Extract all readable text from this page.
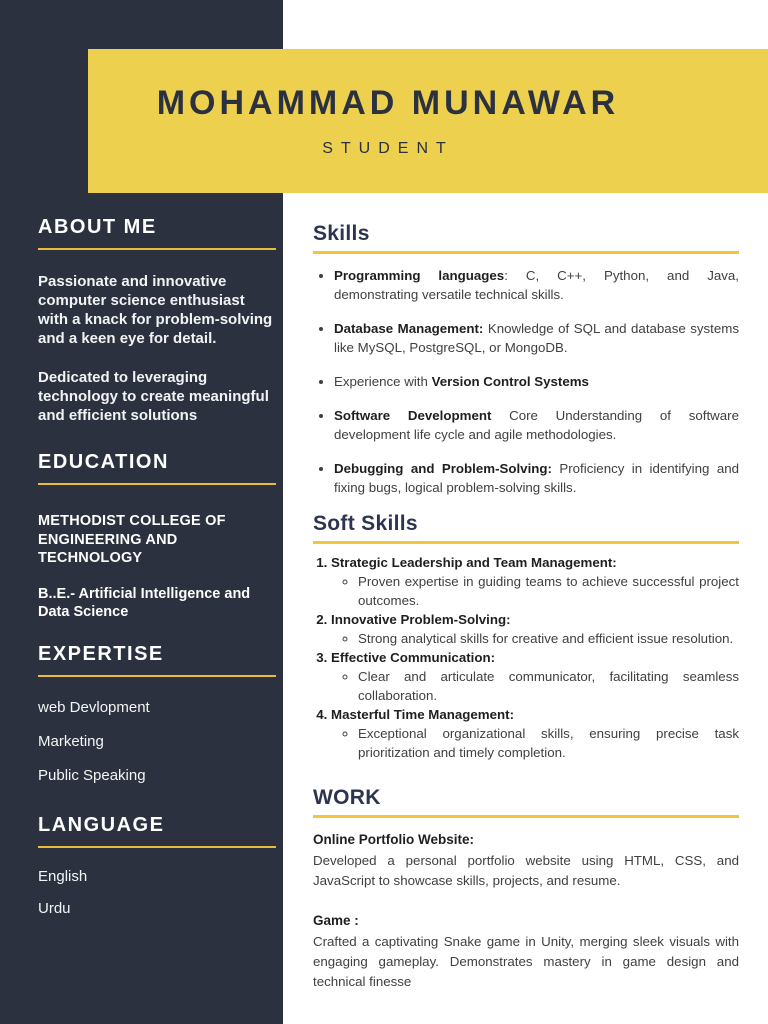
ABOUT ME

Passionate and innovative computer science enthusiast with a knack for problem-solving and a keen eye for detail.

Dedicated to leveraging technology to create meaningful and efficient solutions

EDUCATION

METHODIST COLLEGE OF ENGINEERING AND TECHNOLOGY

B..E.- Artificial Intelligence and Data Science

EXPERTISE
web Devlopment
Marketing
Public Speaking
LANGUAGE
English
Urdu
MOHAMMAD MUNAWAR
STUDENT
Skills
• Programming languages: C, C++, Python, and Java, demonstrating versatile technical skills.
• Database Management: Knowledge of SQL and database systems like MySQL, PostgreSQL, or MongoDB.
• Experience with Version Control Systems
• Software Development Core Understanding of software development life cycle and agile methodologies.
• Debugging and Problem-Solving: Proficiency in identifying and fixing bugs, logical problem-solving skills.
Soft Skills
1. Strategic Leadership and Team Management:
◦ Proven expertise in guiding teams to achieve successful project outcomes.
2. Innovative Problem-Solving:
◦ Strong analytical skills for creative and efficient issue resolution.
3. Effective Communication:
◦ Clear and articulate communicator, facilitating seamless collaboration.
4. Masterful Time Management:
◦ Exceptional organizational skills, ensuring precise task prioritization and timely completion.
WORK
Online Portfolio Website:

Developed a personal portfolio website using HTML, CSS, and JavaScript to showcase skills, projects, and resume.

Game :

Crafted a captivating Snake game in Unity, merging sleek visuals with engaging gameplay. Demonstrates mastery in game design and technical finesse
